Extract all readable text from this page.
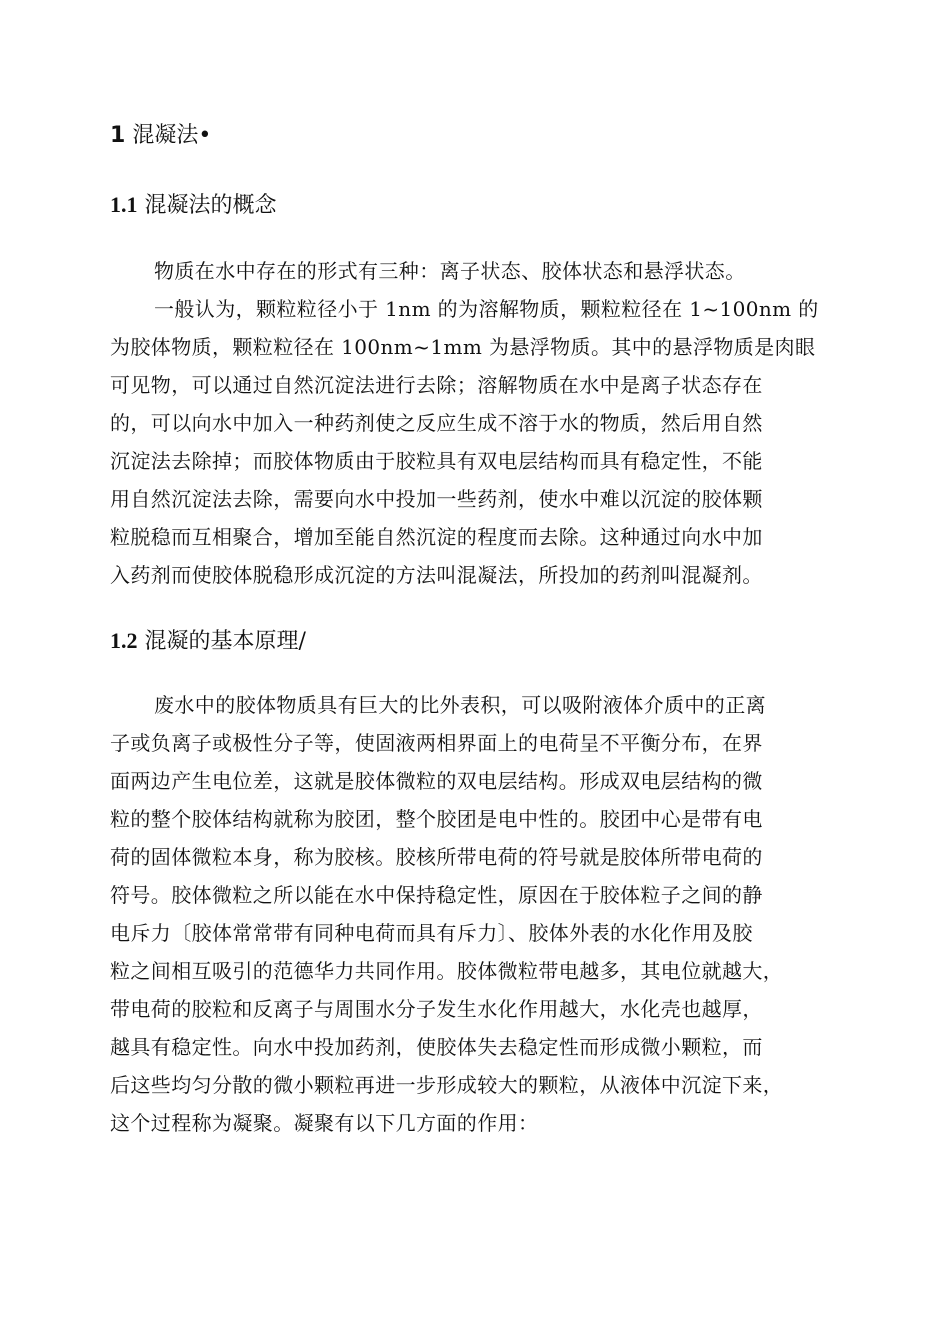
1 混凝法•
1.1 混凝法的概念
物质在水中存在的形式有三种：离子状态、胶体状态和悬浮状态。
一般认为，颗粒粒径小于 1nm 的为溶解物质，颗粒粒径在 1~100nm 的
为胶体物质，颗粒粒径在 100nm~1mm 为悬浮物质。其中的悬浮物质是肉眼
可见物，可以通过自然沉淀法进行去除；溶解物质在水中是离子状态存在
的，可以向水中加入一种药剂使之反应生成不溶于水的物质，然后用自然
沉淀法去除掉；而胶体物质由于胶粒具有双电层结构而具有稳定性，不能
用自然沉淀法去除，需要向水中投加一些药剂，使水中难以沉淀的胶体颗
粒脱稳而互相聚合，增加至能自然沉淀的程度而去除。这种通过向水中加
入药剂而使胶体脱稳形成沉淀的方法叫混凝法，所投加的药剂叫混凝剂。
1.2 混凝的基本原理/
废水中的胶体物质具有巨大的比外表积，可以吸附液体介质中的正离
子或负离子或极性分子等，使固液两相界面上的电荷呈不平衡分布，在界
面两边产生电位差，这就是胶体微粒的双电层结构。形成双电层结构的微
粒的整个胶体结构就称为胶团，整个胶团是电中性的。胶团中心是带有电
荷的固体微粒本身，称为胶核。胶核所带电荷的符号就是胶体所带电荷的
符号。胶体微粒之所以能在水中保持稳定性，原因在于胶体粒子之间的静
电斥力〔胶体常常带有同种电荷而具有斥力〕、胶体外表的水化作用及胶
粒之间相互吸引的范德华力共同作用。胶体微粒带电越多，其电位就越大，
带电荷的胶粒和反离子与周围水分子发生水化作用越大，水化壳也越厚，
越具有稳定性。向水中投加药剂，使胶体失去稳定性而形成微小颗粒，而
后这些均匀分散的微小颗粒再进一步形成较大的颗粒，从液体中沉淀下来，
这个过程称为凝聚。凝聚有以下几方面的作用：
